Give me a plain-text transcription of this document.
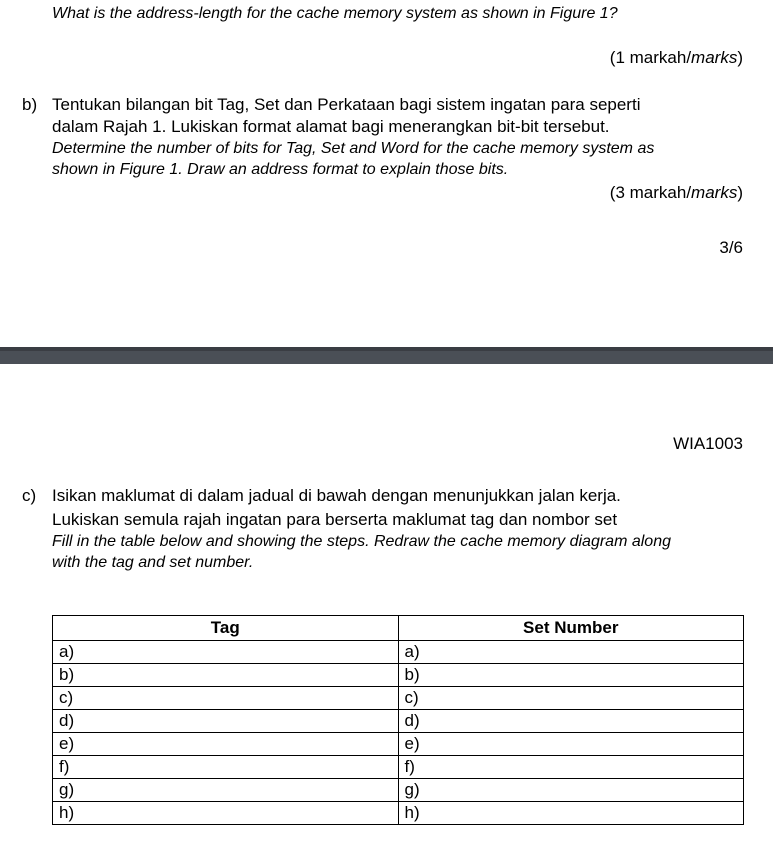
What is the address-length for the cache memory system as shown in Figure 1?
(1 markah/marks)
b) Tentukan bilangan bit Tag, Set dan Perkataan bagi sistem ingatan para seperti
dalam Rajah 1. Lukiskan format alamat bagi menerangkan bit-bit tersebut.
Determine the number of bits for Tag, Set and Word for the cache memory system as
shown in Figure 1. Draw an address format to explain those bits.
(3 markah/marks)
3/6
WIA1003
c) Isikan maklumat di dalam jadual di bawah dengan menunjukkan jalan kerja.
Lukiskan semula rajah ingatan para berserta maklumat tag dan nombor set
Fill in the table below and showing the steps. Redraw the cache memory diagram along
with the tag and set number.
Tag	Set Number
a)	a)
b)	b)
c)	c)
d)	d)
e)	e)
f)	f)
g)	g)
h)	h)
